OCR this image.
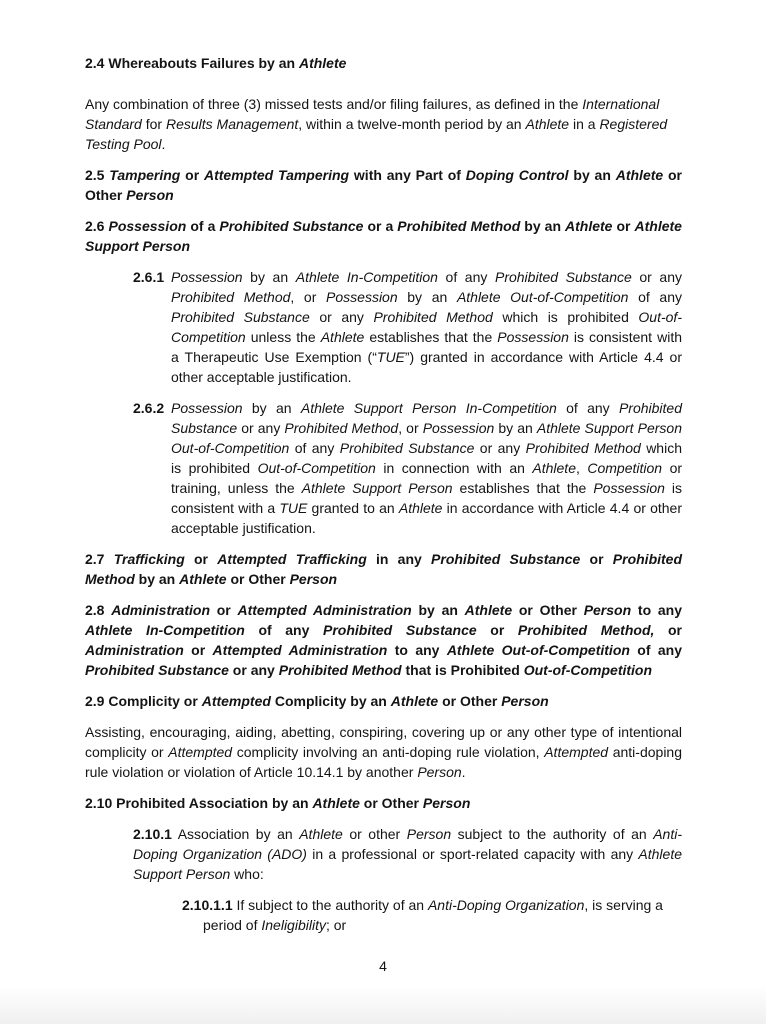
2.4 Whereabouts Failures by an Athlete

Any combination of three (3) missed tests and/or filing failures, as defined in the International Standard for Results Management, within a twelve-month period by an Athlete in a Registered Testing Pool.

2.5 Tampering or Attempted Tampering with any Part of Doping Control by an Athlete or Other Person
2.6 Possession of a Prohibited Substance or a Prohibited Method by an Athlete or Athlete Support Person
2.6.1 Possession by an Athlete In-Competition of any Prohibited Substance or any Prohibited Method, or Possession by an Athlete Out-of-Competition of any Prohibited Substance or any Prohibited Method which is prohibited Out-of-Competition unless the Athlete establishes that the Possession is consistent with a Therapeutic Use Exemption (“TUE”) granted in accordance with Article 4.4 or other acceptable justification.
2.6.2 Possession by an Athlete Support Person In-Competition of any Prohibited Substance or any Prohibited Method, or Possession by an Athlete Support Person Out-of-Competition of any Prohibited Substance or any Prohibited Method which is prohibited Out-of-Competition in connection with an Athlete, Competition or training, unless the Athlete Support Person establishes that the Possession is consistent with a TUE granted to an Athlete in accordance with Article 4.4 or other acceptable justification.
2.7 Trafficking or Attempted Trafficking in any Prohibited Substance or Prohibited Method by an Athlete or Other Person
2.8 Administration or Attempted Administration by an Athlete or Other Person to any Athlete In-Competition of any Prohibited Substance or Prohibited Method, or Administration or Attempted Administration to any Athlete Out-of-Competition of any Prohibited Substance or any Prohibited Method that is Prohibited Out-of-Competition
2.9 Complicity or Attempted Complicity by an Athlete or Other Person

Assisting, encouraging, aiding, abetting, conspiring, covering up or any other type of intentional complicity or Attempted complicity involving an anti-doping rule violation, Attempted anti-doping rule violation or violation of Article 10.14.1 by another Person.

2.10 Prohibited Association by an Athlete or Other Person

2.10.1 Association by an Athlete or other Person subject to the authority of an Anti-Doping Organization (ADO) in a professional or sport-related capacity with any Athlete Support Person who:

2.10.1.1 If subject to the authority of an Anti-Doping Organization, is serving a period of Ineligibility; or

4
